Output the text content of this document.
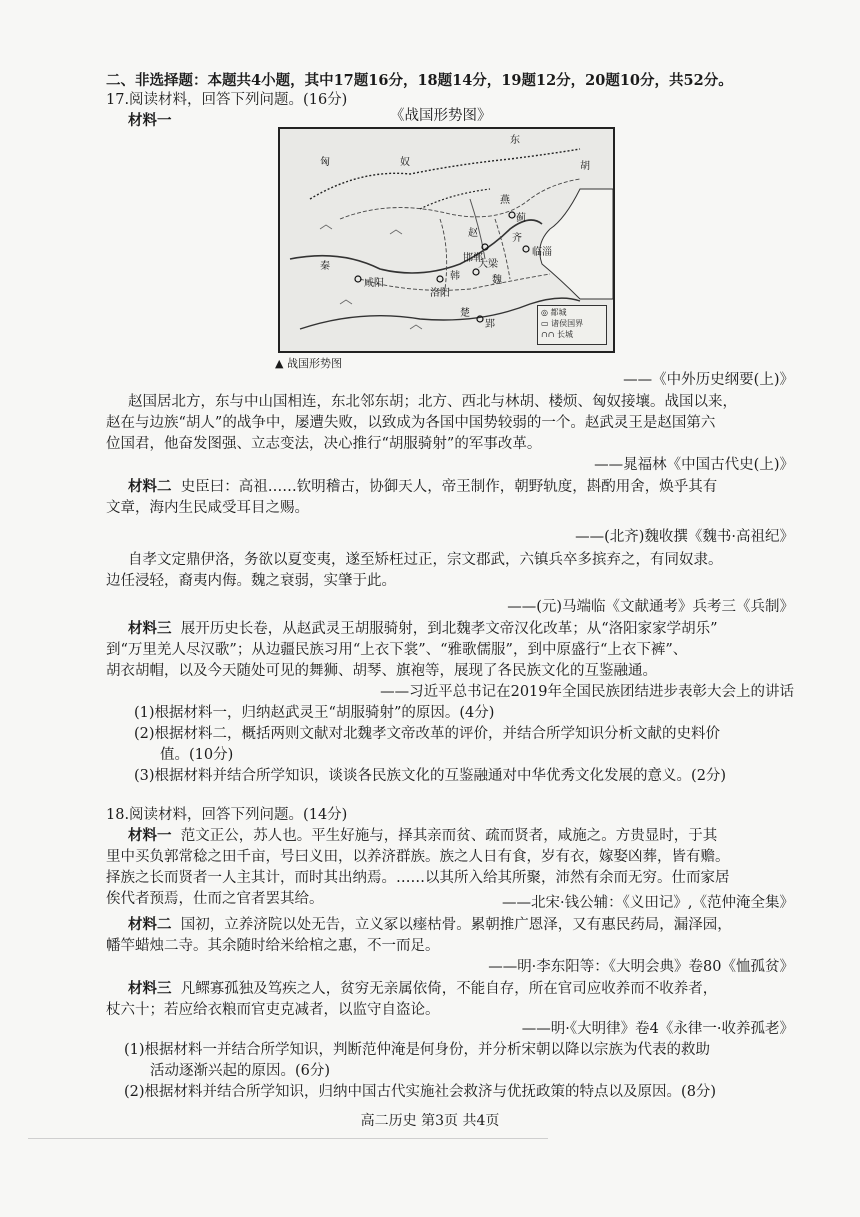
二、非选择题：本题共4小题，其中17题16分，18题14分，19题12分，20题10分，共52分。
17.阅读材料，回答下列问题。(16分)
材料一	《战国形势图》
东
胡
匈	奴
燕
蓟
赵
邯郸
齐
临淄
韩	魏
大梁
秦
咸阳
洛阳
楚
郢
◎ 都城
▭ 诸侯国界
∩∩ 长城
▲ 战国形势图
——《中外历史纲要(上)》
赵国居北方，东与中山国相连，东北邻东胡；北方、西北与林胡、楼烦、匈奴接壤。战国以来，
赵在与边族“胡人”的战争中，屡遭失败，以致成为各国中国势较弱的一个。赵武灵王是赵国第六
位国君，他奋发图强、立志变法，决心推行“胡服骑射”的军事改革。
——晁福林《中国古代史(上)》
材料二 史臣曰：高祖……钦明稽古，协御天人，帝王制作，朝野轨度，斟酌用舍，焕乎其有
文章，海内生民咸受耳目之赐。
——(北齐)魏收撰《魏书·高祖纪》
自孝文定鼎伊洛，务欲以夏变夷，遂至矫枉过正，宗文郡武，六镇兵卒多摈弃之，有同奴隶。
边任浸轻，裔夷内侮。魏之衰弱，实肇于此。
——(元)马端临《文献通考》兵考三《兵制》
材料三 展开历史长卷，从赵武灵王胡服骑射，到北魏孝文帝汉化改革；从“洛阳家家学胡乐”
到“万里羌人尽汉歌”；从边疆民族习用“上衣下裳”、“雅歌儒服”，到中原盛行“上衣下裤”、
胡衣胡帽，以及今天随处可见的舞狮、胡琴、旗袍等，展现了各民族文化的互鉴融通。
——习近平总书记在2019年全国民族团结进步表彰大会上的讲话
(1)根据材料一，归纳赵武灵王“胡服骑射”的原因。(4分)
(2)根据材料二，概括两则文献对北魏孝文帝改革的评价，并结合所学知识分析文献的史料价
值。(10分)
(3)根据材料并结合所学知识，谈谈各民族文化的互鉴融通对中华优秀文化发展的意义。(2分)
18.阅读材料，回答下列问题。(14分)
材料一 范文正公，苏人也。平生好施与，择其亲而贫、疏而贤者，咸施之。方贵显时，于其
里中买负郭常稔之田千亩，号曰义田，以养济群族。族之人日有食，岁有衣，嫁娶凶葬，皆有赡。
择族之长而贤者一人主其计，而时其出纳焉。……以其所入给其所聚，沛然有余而无穷。仕而家居
俟代者预焉，仕而之官者罢其给。	——北宋·钱公辅：《义田记》,《范仲淹全集》
材料二 国初，立养济院以处无告，立义冢以瘗枯骨。累朝推广恩泽，又有惠民药局，漏泽园，
幡竿蜡烛二寺。其余随时给米给棺之惠，不一而足。
——明·李东阳等：《大明会典》卷80《恤孤贫》
材料三 凡鳏寡孤独及笃疾之人，贫穷无亲属依倚，不能自存，所在官司应收养而不收养者，
杖六十；若应给衣粮而官吏克减者，以监守自盗论。
——明·《大明律》卷4《永律一·收养孤老》
(1)根据材料一并结合所学知识，判断范仲淹是何身份，并分析宋朝以降以宗族为代表的救助
高二历史 第3页 共4页
活动逐渐兴起的原因。(6分)
(2)根据材料并结合所学知识，归纳中国古代实施社会救济与优抚政策的特点以及原因。(8分)
